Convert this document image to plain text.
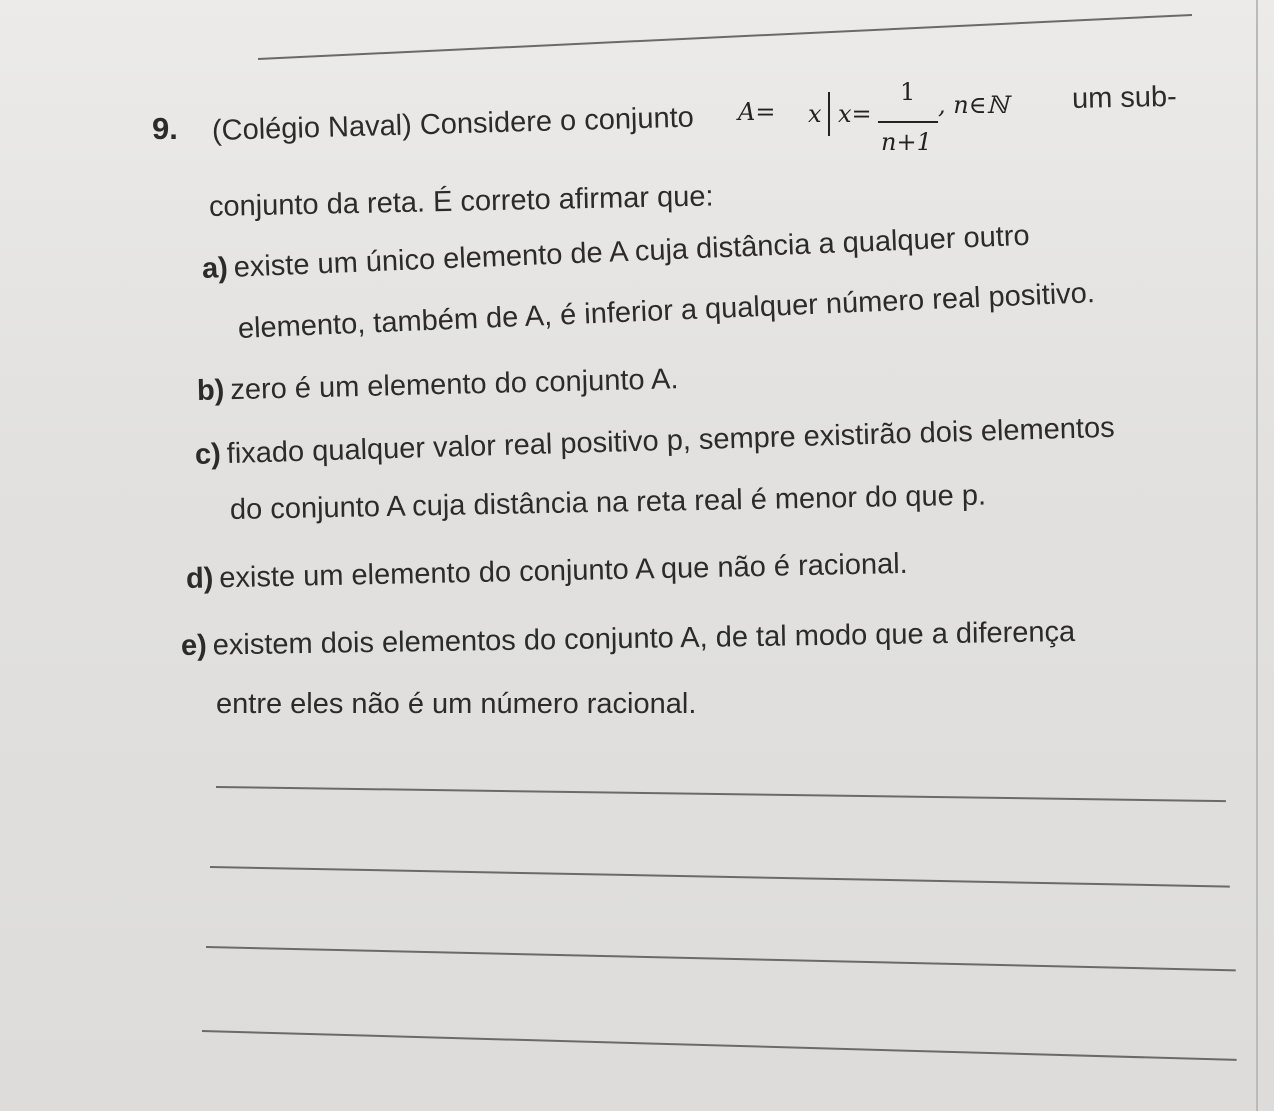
9. (Colégio Naval) Considere o conjunto A= x x=
1
n+1
, n∈ℕ um sub-
conjunto da reta. É correto afirmar que:
a) existe um único elemento de A cuja distância a qualquer outro
elemento, também de A, é inferior a qualquer número real positivo.
b) zero é um elemento do conjunto A.
c) fixado qualquer valor real positivo p, sempre existirão dois elementos
do conjunto A cuja distância na reta real é menor do que p.
d) existe um elemento do conjunto A que não é racional.
e) existem dois elementos do conjunto A, de tal modo que a diferença
entre eles não é um número racional.
